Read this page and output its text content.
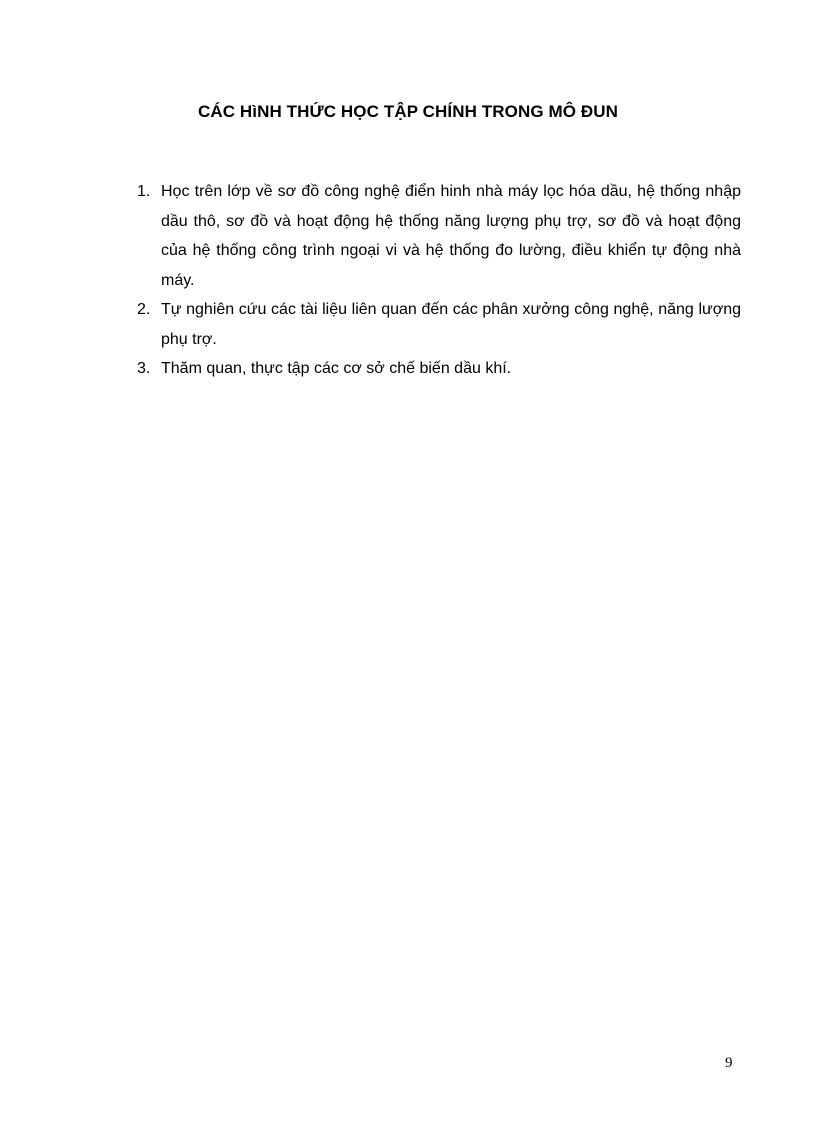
CÁC HìNH THỨC HỌC TẬP CHÍNH TRONG MÔ ĐUN
1. Học trên lớp về sơ đồ công nghệ điển hinh nhà máy lọc hóa dầu, hệ thống nhập dầu thô, sơ đồ và hoạt động hệ thống năng lượng phụ trợ, sơ đồ và hoạt động của hệ thống công trình ngoại vi và hệ thống đo lường, điều khiển tự động nhà máy.
2. Tự nghiên cứu các tài liệu liên quan đến các phân xưởng công nghệ, năng lượng phụ trợ.
3. Thăm quan, thực tập các cơ sở chế biến dầu khí.
9
